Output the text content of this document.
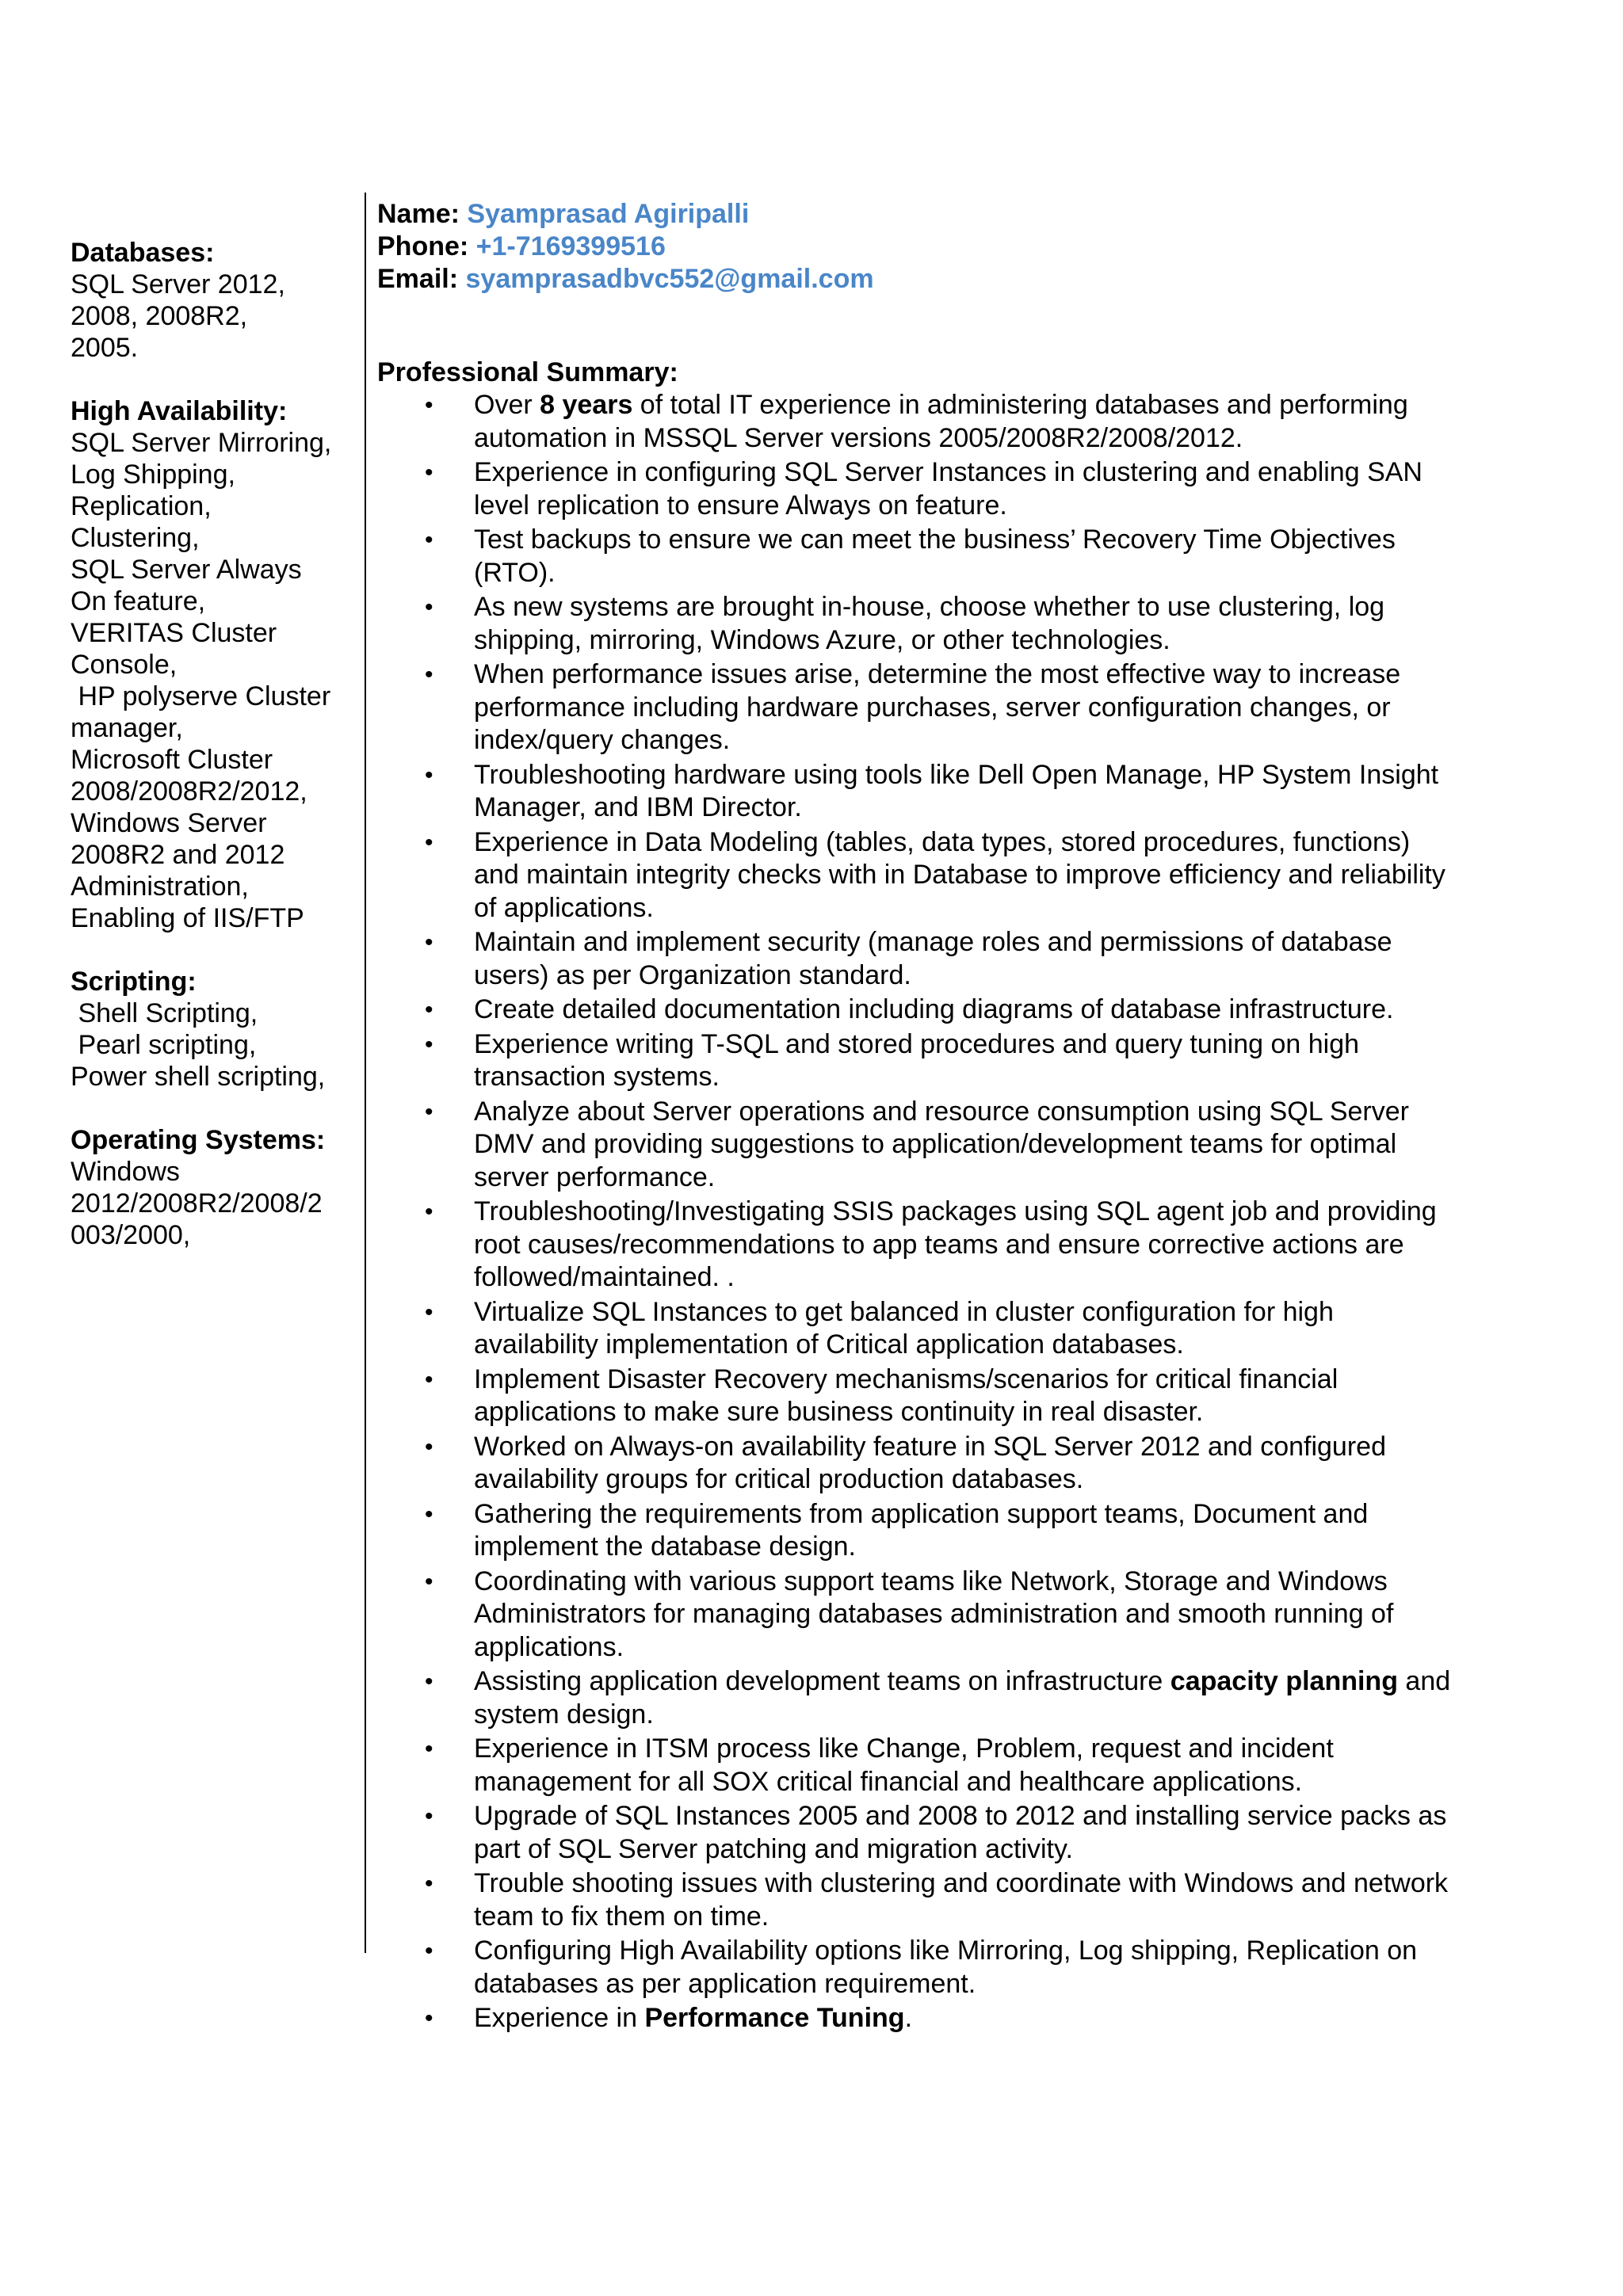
Databases:
SQL Server 2012,
2008, 2008R2,
2005.
High Availability:
SQL Server Mirroring,
Log Shipping,
Replication,
Clustering,
SQL Server Always
On feature,
VERITAS Cluster
Console,
HP polyserve Cluster
manager,
Microsoft Cluster
2008/2008R2/2012,
Windows Server
2008R2 and 2012
Administration,
Enabling of IIS/FTP
Scripting:
Shell Scripting,
Pearl scripting,
Power shell scripting,
Operating Systems:
Windows
2012/2008R2/2008/2
003/2000,
Name: Syamprasad Agiripalli
Phone: +1-7169399516
Email: syamprasadbvc552@gmail.com
Professional Summary:
• Over 8 years of total IT experience in administering databases and performing automation in MSSQL Server versions 2005/2008R2/2008/2012.
• Experience in configuring SQL Server Instances in clustering and enabling SAN level replication to ensure Always on feature.
• Test backups to ensure we can meet the business’ Recovery Time Objectives (RTO).
• As new systems are brought in-house, choose whether to use clustering, log shipping, mirroring, Windows Azure, or other technologies.
• When performance issues arise, determine the most effective way to increase performance including hardware purchases, server configuration changes, or index/query changes.
• Troubleshooting hardware using tools like Dell Open Manage, HP System Insight Manager, and IBM Director.
• Experience in Data Modeling (tables, data types, stored procedures, functions) and maintain integrity checks with in Database to improve efficiency and reliability of applications.
• Maintain and implement security (manage roles and permissions of database users) as per Organization standard.
• Create detailed documentation including diagrams of database infrastructure.
• Experience writing T-SQL and stored procedures and query tuning on high transaction systems.
• Analyze about Server operations and resource consumption using SQL Server DMV and providing suggestions to application/development teams for optimal server performance.
• Troubleshooting/Investigating SSIS packages using SQL agent job and providing root causes/recommendations to app teams and ensure corrective actions are followed/maintained. .
• Virtualize SQL Instances to get balanced in cluster configuration for high availability implementation of Critical application databases.
• Implement Disaster Recovery mechanisms/scenarios for critical financial applications to make sure business continuity in real disaster.
• Worked on Always-on availability feature in SQL Server 2012 and configured availability groups for critical production databases.
• Gathering the requirements from application support teams, Document and implement the database design.
• Coordinating with various support teams like Network, Storage and Windows Administrators for managing databases administration and smooth running of applications.
• Assisting application development teams on infrastructure capacity planning and system design.
• Experience in ITSM process like Change, Problem, request and incident management for all SOX critical financial and healthcare applications.
• Upgrade of SQL Instances 2005 and 2008 to 2012 and installing service packs as part of SQL Server patching and migration activity.
• Trouble shooting issues with clustering and coordinate with Windows and network team to fix them on time.
• Configuring High Availability options like Mirroring, Log shipping, Replication on databases as per application requirement.
• Experience in Performance Tuning.
